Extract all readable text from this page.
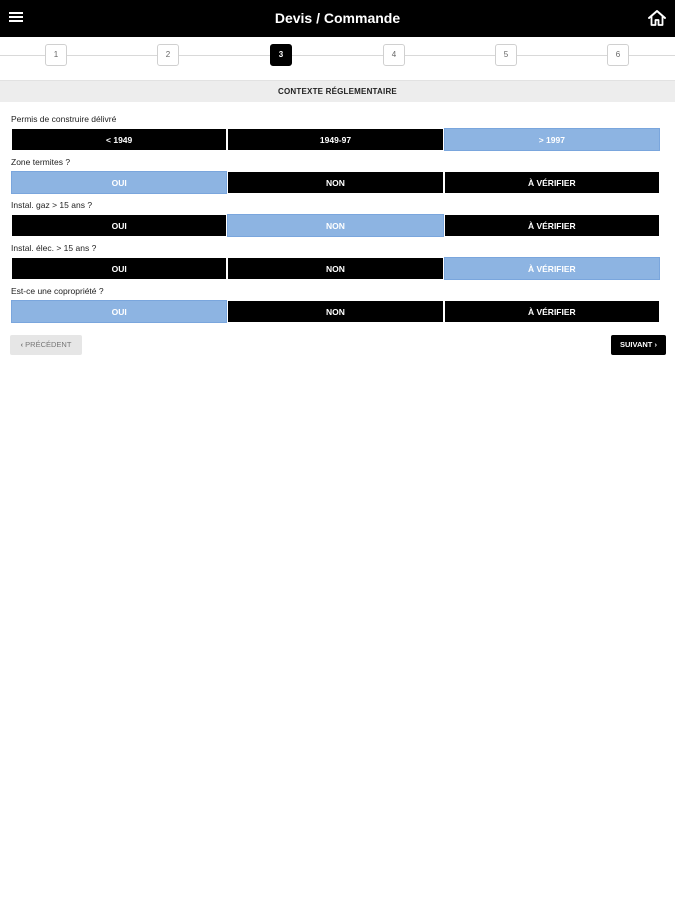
Devis / Commande
1	2	3	4	5	6
CONTEXTE RÉGLEMENTAIRE
Permis de construire délivré
< 1949	1949-97	> 1997
Zone termites ?
OUI	NON	À VÉRIFIER
Instal. gaz > 15 ans ?
OUI	NON	À VÉRIFIER
Instal. élec. > 15 ans ?
OUI	NON	À VÉRIFIER
Est-ce une copropriété ?
OUI	NON	À VÉRIFIER
‹ PRÉCÉDENT	SUIVANT ›
